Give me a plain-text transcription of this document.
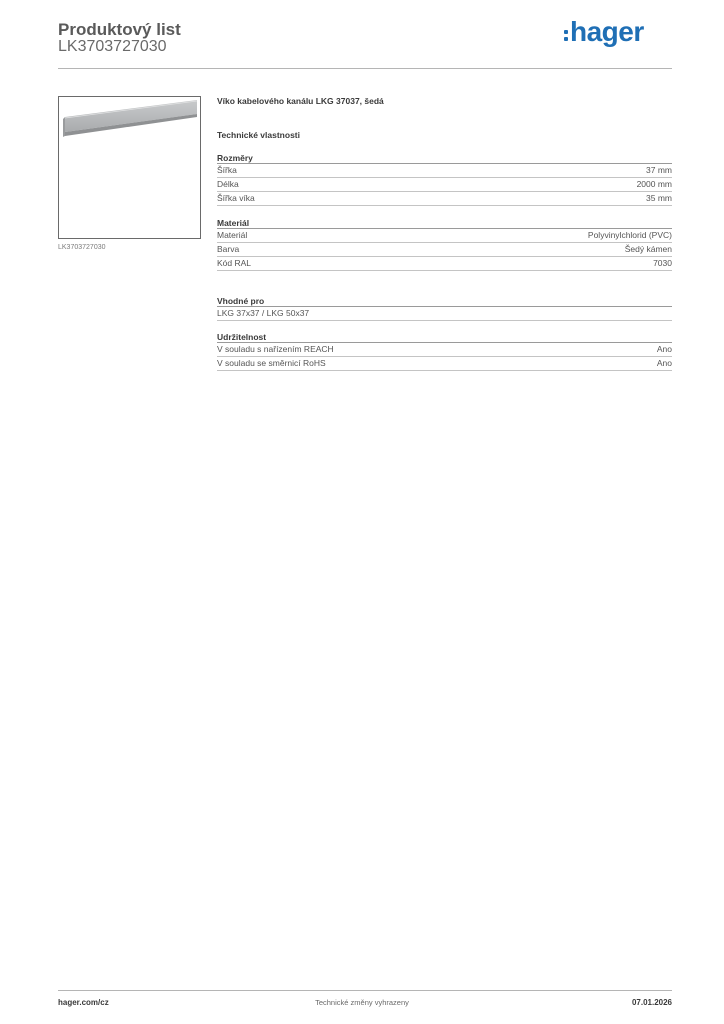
Produktový list
LK3703727030	hager
LK3703727030
Víko kabelového kanálu LKG 37037, šedá
Technické vlastnosti
Rozměry
Šířka	37 mm
Délka	2000 mm
Šířka víka	35 mm
Materiál
Materiál	Polyvinylchlorid (PVC)
Barva	Šedý kámen
Kód RAL	7030
Vhodné pro
LKG 37x37 / LKG 50x37
Udržitelnost
V souladu s nařízením REACH	Ano
V souladu se směrnicí RoHS	Ano
hager.com/cz	Technické změny vyhrazeny	07.01.2026
